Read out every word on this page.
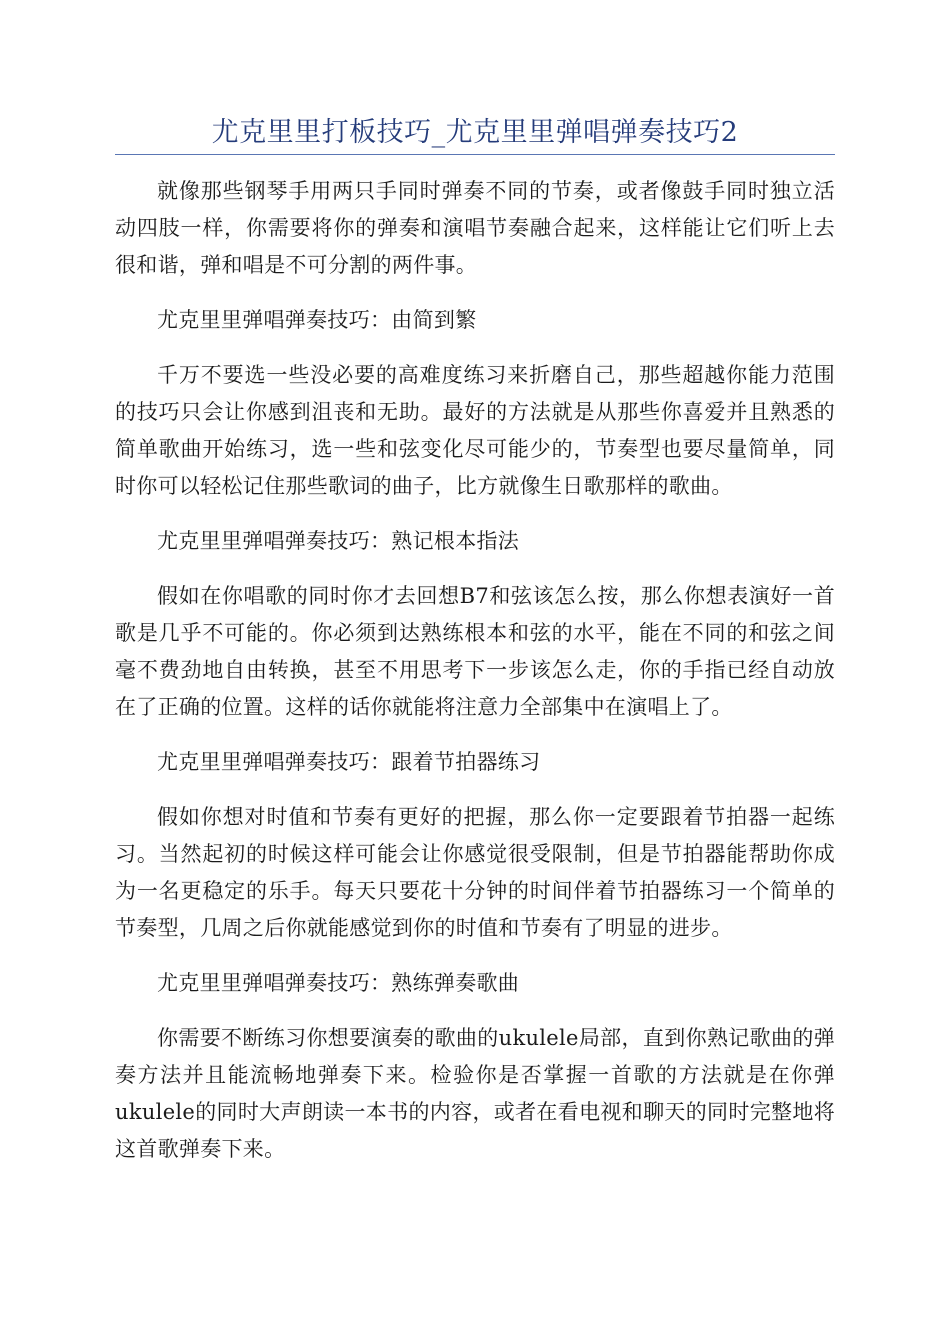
尤克里里打板技巧_尤克里里弹唱弹奏技巧2

就像那些钢琴手用两只手同时弹奏不同的节奏，或者像鼓手同时独立活动四肢一样，你需要将你的弹奏和演唱节奏融合起来，这样能让它们听上去很和谐，弹和唱是不可分割的两件事。

尤克里里弹唱弹奏技巧：由简到繁

千万不要选一些没必要的高难度练习来折磨自己，那些超越你能力范围的技巧只会让你感到沮丧和无助。最好的方法就是从那些你喜爱并且熟悉的简单歌曲开始练习，选一些和弦变化尽可能少的，节奏型也要尽量简单，同时你可以轻松记住那些歌词的曲子，比方就像生日歌那样的歌曲。

尤克里里弹唱弹奏技巧：熟记根本指法

假如在你唱歌的同时你才去回想B7和弦该怎么按，那么你想表演好一首歌是几乎不可能的。你必须到达熟练根本和弦的水平，能在不同的和弦之间毫不费劲地自由转换，甚至不用思考下一步该怎么走，你的手指已经自动放在了正确的位置。这样的话你就能将注意力全部集中在演唱上了。

尤克里里弹唱弹奏技巧：跟着节拍器练习

假如你想对时值和节奏有更好的把握，那么你一定要跟着节拍器一起练习。当然起初的时候这样可能会让你感觉很受限制，但是节拍器能帮助你成为一名更稳定的乐手。每天只要花十分钟的时间伴着节拍器练习一个简单的节奏型，几周之后你就能感觉到你的时值和节奏有了明显的进步。

尤克里里弹唱弹奏技巧：熟练弹奏歌曲

你需要不断练习你想要演奏的歌曲的ukulele局部，直到你熟记歌曲的弹奏方法并且能流畅地弹奏下来。检验你是否掌握一首歌的方法就是在你弹ukulele的同时大声朗读一本书的内容，或者在看电视和聊天的同时完整地将这首歌弹奏下来。
